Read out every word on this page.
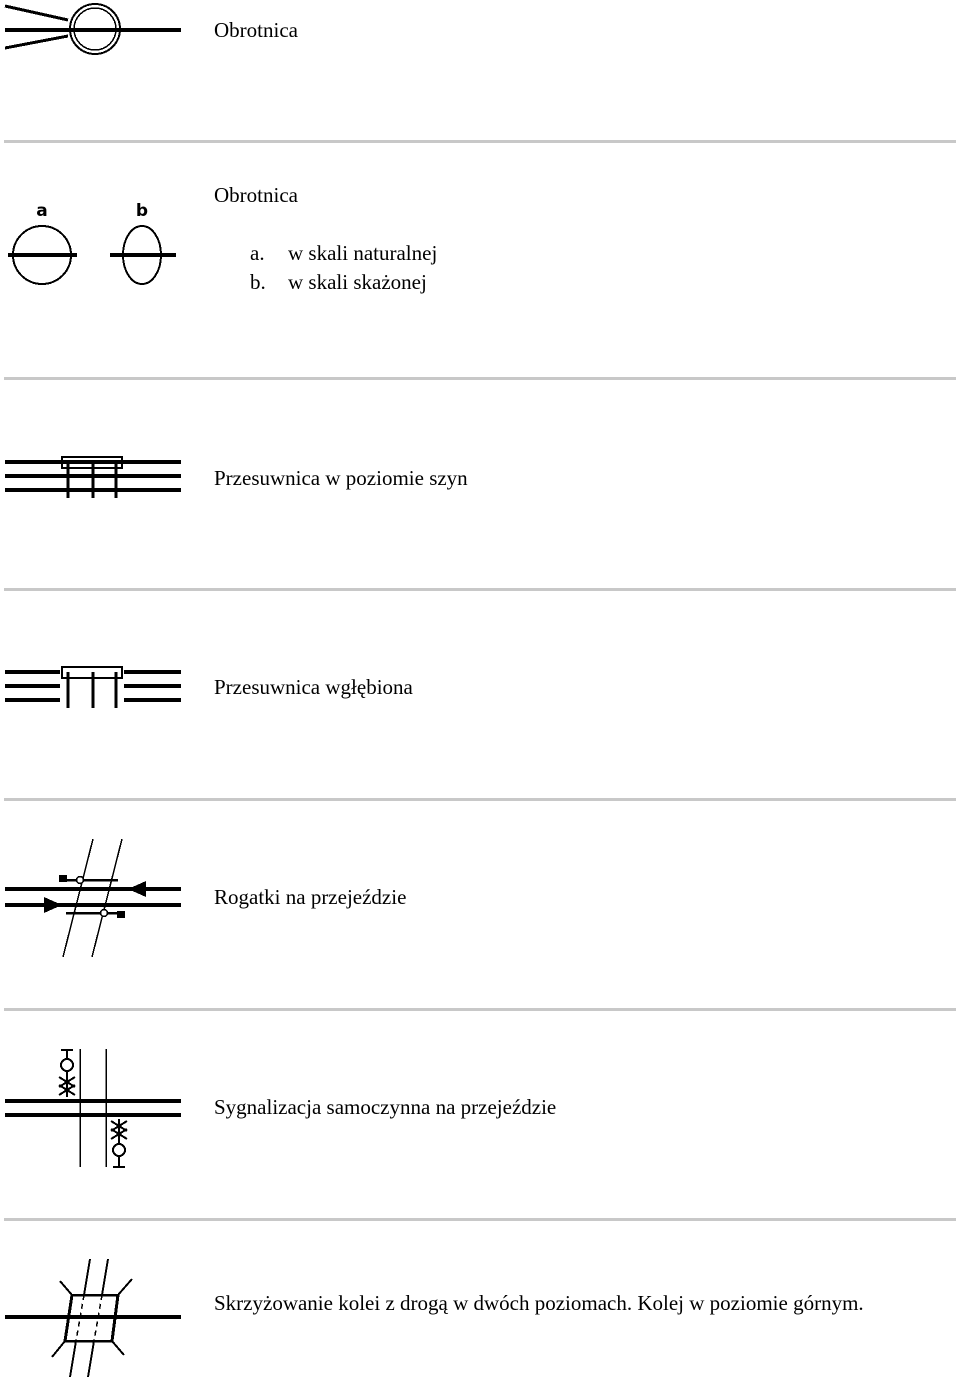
Obrotnica
a	b
Obrotnica
a. w skali naturalnej
b. w skali skażonej
Przesuwnica w poziomie szyn
Przesuwnica wgłębiona
Rogatki na przejeździe
Sygnalizacja samoczynna na przejeździe
Skrzyżowanie kolei z drogą w dwóch poziomach. Kolej w poziomie górnym.
